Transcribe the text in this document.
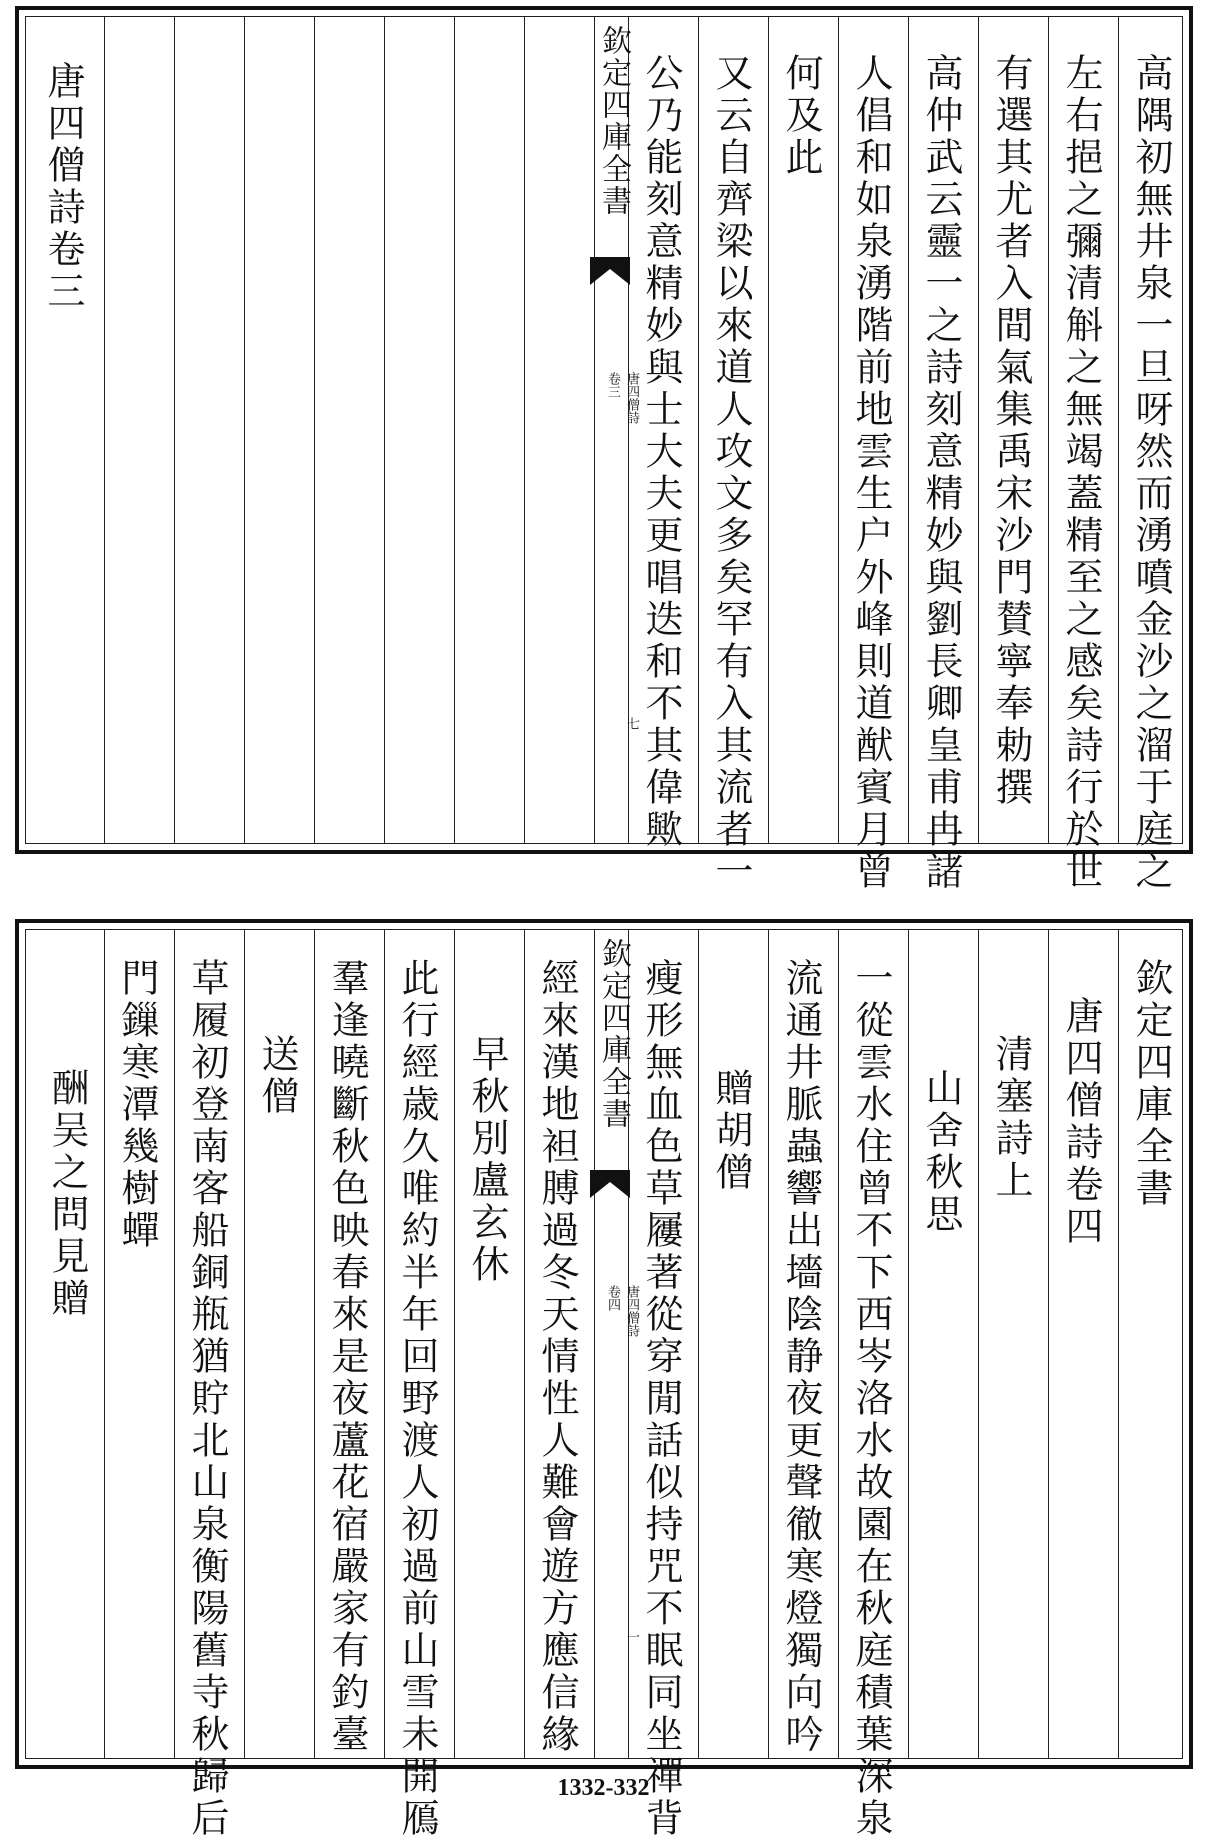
高隅初無井泉一旦呀然而湧噴金沙之溜于庭之
左右挹之彌清斛之無竭蓋精至之感矣詩行於世
有選其尤者入間氣集禹宋沙門賛寧奉勅撰
高仲武云靈一之詩刻意精妙與劉長卿皇甫冉諸
人倡和如泉湧階前地雲生户外峰則道猷賓月曾
何及此
又云自齊梁以來道人攻文多矣罕有入其流者一
公乃能刻意精妙與士大夫更唱迭和不其偉歟
欽定四庫全書
唐四僧詩
卷三
七
唐四僧詩卷三
欽定四庫全書
唐四僧詩卷四
清塞詩上
山舍秋思
一從雲水住曾不下西岑洛水故園在秋庭積葉深泉
流通井脈蟲響出墻陰静夜更聲徹寒燈獨向吟
贈胡僧
瘦形無血色草屨著從穿閒話似持咒不眠同坐禪背
欽定四庫全書
唐四僧詩
卷四
一
經來漢地袒膊過冬天情性人難會遊方應信緣
早秋別盧玄休
此行經歳久唯約半年回野渡人初過前山雪未開鴈
羣逢曉斷秋色映春來是夜蘆花宿嚴家有釣臺
送僧
草履初登南客船銅瓶猶貯北山泉衡陽舊寺秋歸后
門鏁寒潭幾樹蟬
酬吴之問見贈
1332-332
